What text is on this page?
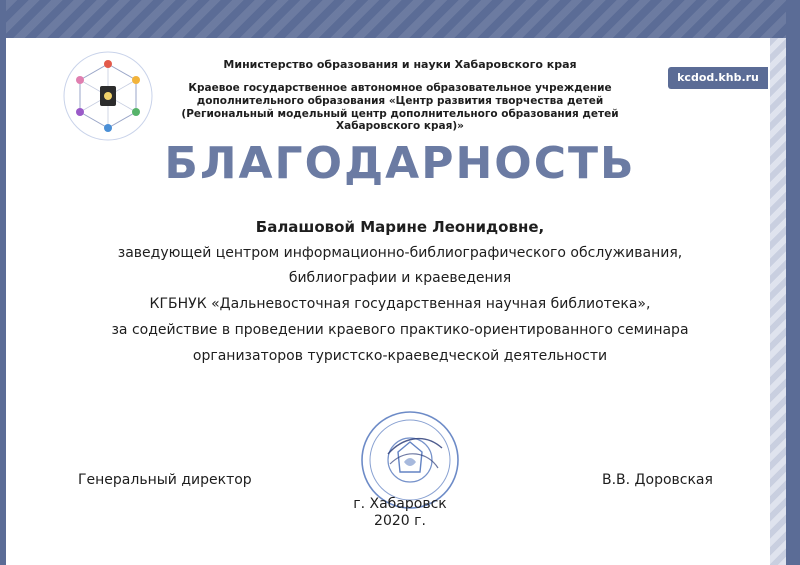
kcdod.khb.ru
Министерство образования и науки Хабаровского края
Краевое государственное автономное образовательное учреждение
дополнительного образования «Центр развития творчества детей
(Региональный модельный центр дополнительного образования детей Хабаровского края)»
БЛАГОДАРНОСТЬ
Балашовой Марине Леонидовне,
заведующей центром информационно-библиографического обслуживания,
библиографии и краеведения
КГБНУК «Дальневосточная государственная научная библиотека»,
за содействие в проведении краевого практико-ориентированного семинара
организаторов туристско-краеведческой деятельности
Генеральный директор	В.В. Доровская
г. Хабаровск
2020 г.
